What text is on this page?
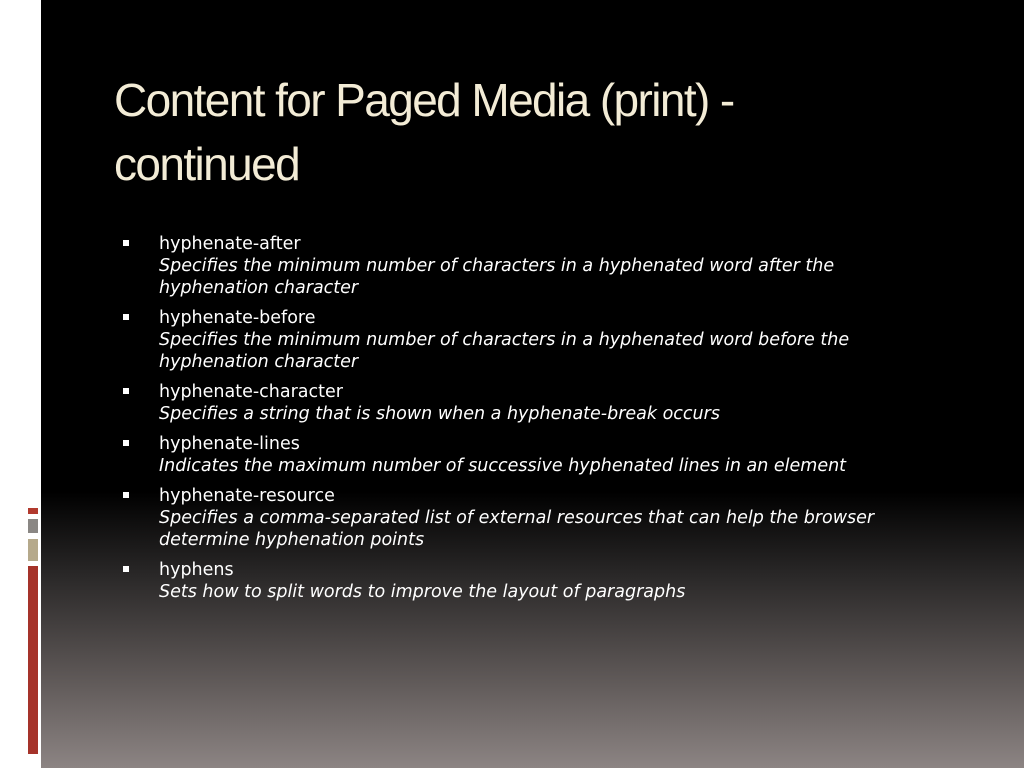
Content for Paged Media (print) - continued
hyphenate-after
Specifies the minimum number of characters in a hyphenated word after the hyphenation character
hyphenate-before
Specifies the minimum number of characters in a hyphenated word before the hyphenation character
hyphenate-character
Specifies a string that is shown when a hyphenate-break occurs
hyphenate-lines
Indicates the maximum number of successive hyphenated lines in an element
hyphenate-resource
Specifies a comma-separated list of external resources that can help the browser determine hyphenation points
hyphens
Sets how to split words to improve the layout of paragraphs
